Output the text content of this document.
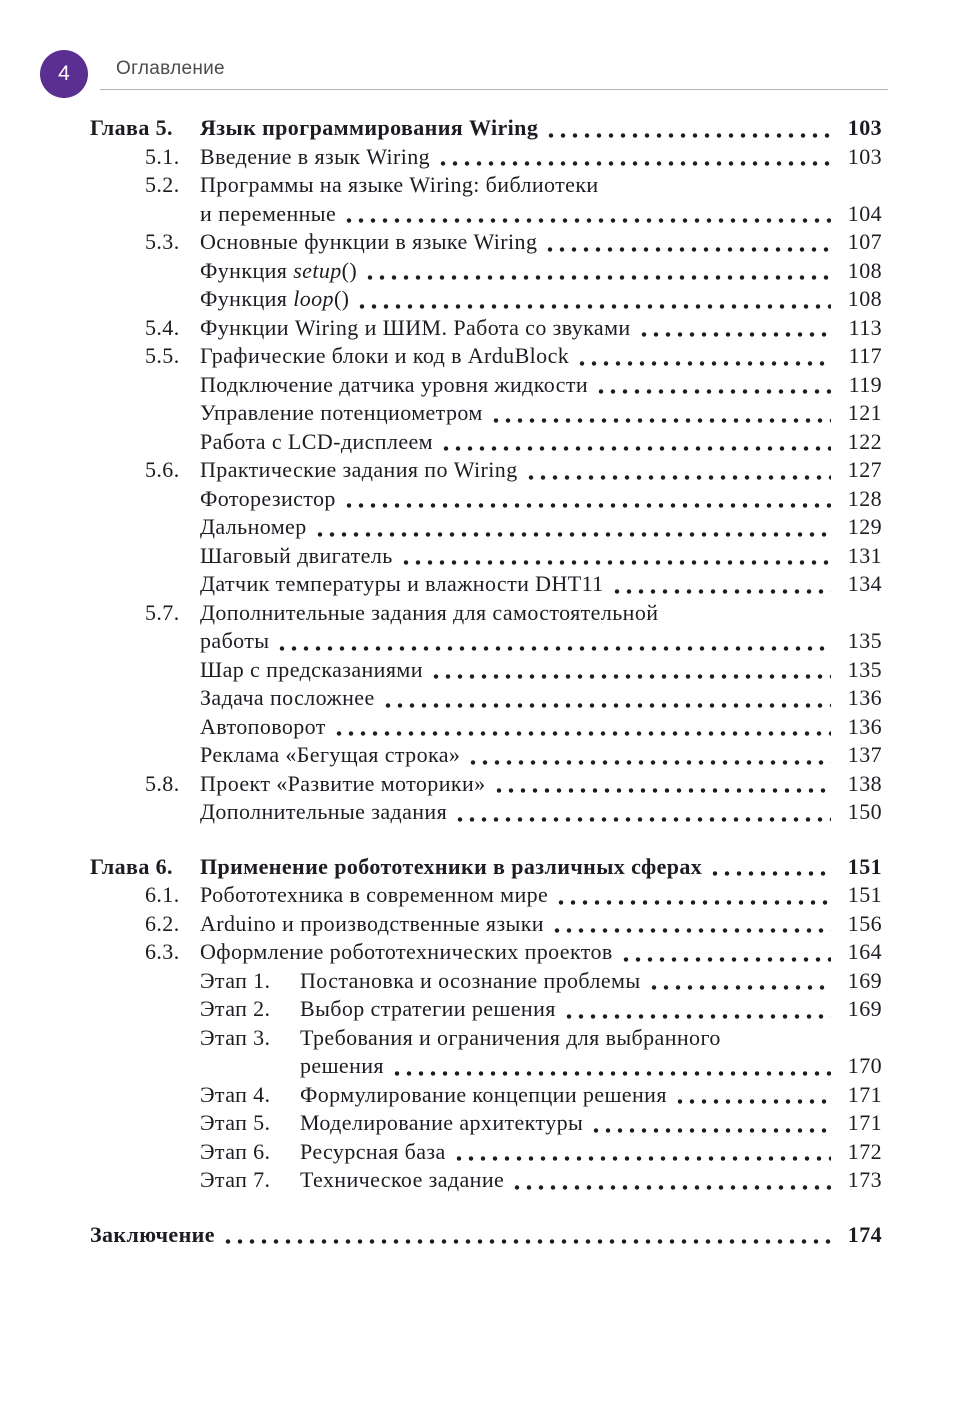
4 Оглавление
Глава 5.	Язык программирования Wiring	103
5.1. Введение в язык Wiring	103
5.2. Программы на языке Wiring: библиотеки
и переменные	104
5.3. Основные функции в языке Wiring	107
Функция setup()	108
Функция loop()	108
5.4. Функции Wiring и ШИМ. Работа со звуками	113
5.5. Графические блоки и код в ArduBlock	117
Подключение датчика уровня жидкости	119
Управление потенциометром	121
Работа с LCD-дисплеем	122
5.6. Практические задания по Wiring	127
Фоторезистор	128
Дальномер	129
Шаговый двигатель	131
Датчик температуры и влажности DHT11	134
5.7. Дополнительные задания для самостоятельной
работы	135
Шар с предсказаниями	135
Задача посложнее	136
Автоповорот	136
Реклама «Бегущая строка»	137
5.8. Проект «Развитие моторики»	138
Дополнительные задания	150
Глава 6.	Применение робототехники в различных сферах	151
6.1. Робототехника в современном мире	151
6.2. Arduino и производственные языки	156
6.3. Оформление робототехнических проектов	164
Этап 1.	Постановка и осознание проблемы	169
Этап 2.	Выбор стратегии решения	169
Этап 3.	Требования и ограничения для выбранного
решения	170
Этап 4.	Формулирование концепции решения	171
Этап 5.	Моделирование архитектуры	171
Этап 6.	Ресурсная база	172
Этап 7.	Техническое задание	173
Заключение	174
